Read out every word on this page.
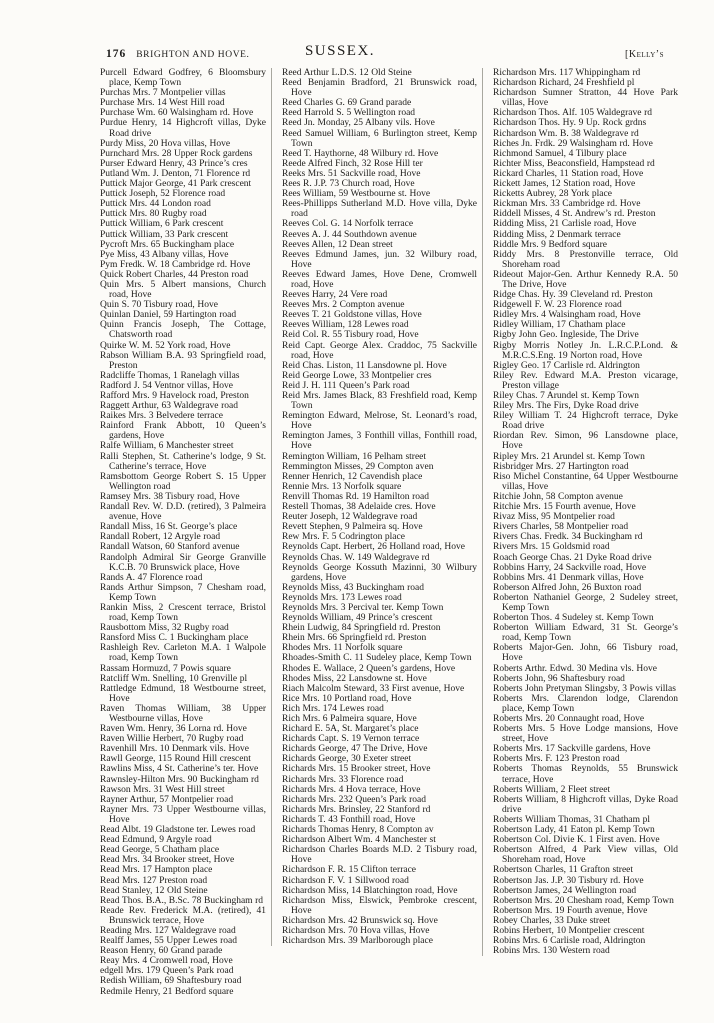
176 BRIGHTON AND HOVE.	SUSSEX.	[Kelly’s

Purcell Edward Godfrey, 6 Bloomsbury place, Kemp Town

Purchas Mrs. 7 Montpelier villas

Purchase Mrs. 14 West Hill road

Purchase Wm. 60 Walsingham rd. Hove

Purdue Henry, 14 Highcroft villas, Dyke Road drive

Purdy Miss, 20 Hova villas, Hove

Purnchard Mrs. 28 Upper Rock gardens

Purser Edward Henry, 43 Prince’s cres

Putland Wm. J. Denton, 71 Florence rd

Puttick Major George, 41 Park crescent

Puttick Joseph, 52 Florence road

Puttick Mrs. 44 London road

Puttick Mrs. 80 Rugby road

Puttick William, 6 Park crescent

Puttick William, 33 Park crescent

Pycroft Mrs. 65 Buckingham place

Pye Miss, 43 Albany villas, Hove

Pym Fredk. W. 18 Cambridge rd. Hove

Quick Robert Charles, 44 Preston road

Quin Mrs. 5 Albert mansions, Church road, Hove

Quin S. 70 Tisbury road, Hove

Quinlan Daniel, 59 Hartington road

Quinn Francis Joseph, The Cottage, Chatsworth road

Quirke W. M. 52 York road, Hove

Rabson William B.A. 93 Springfield road, Preston

Radcliffe Thomas, 1 Ranelagh villas

Radford J. 54 Ventnor villas, Hove

Rafford Mrs. 9 Havelock road, Preston

Raggett Arthur, 63 Waldegrave road

Raikes Mrs. 3 Belvedere terrace

Rainford Frank Abbott, 10 Queen’s gardens, Hove

Ralfe William, 6 Manchester street

Ralli Stephen, St. Catherine’s lodge, 9 St. Catherine’s terrace, Hove

Ramsbottom George Robert S. 15 Upper Wellington road

Ramsey Mrs. 38 Tisbury road, Hove

Randall Rev. W. D.D. (retired), 3 Palmeira avenue, Hove

Randall Miss, 16 St. George’s place

Randall Robert, 12 Argyle road

Randall Watson, 60 Stanford avenue

Randolph Admiral Sir George Granville K.C.B. 70 Brunswick place, Hove

Rands A. 47 Florence road

Rands Arthur Simpson, 7 Chesham road, Kemp Town

Rankin Miss, 2 Crescent terrace, Bristol road, Kemp Town

Rausbottom Miss, 32 Rugby road

Ransford Miss C. 1 Buckingham place

Rashleigh Rev. Carleton M.A. 1 Walpole road, Kemp Town

Rassam Hormuzd, 7 Powis square

Ratcliff Wm. Snelling, 10 Grenville pl

Rattledge Edmund, 18 Westbourne street, Hove

Raven Thomas William, 38 Upper Westbourne villas, Hove

Raven Wm. Henry, 36 Lorna rd. Hove

Raven Willie Herbert, 70 Rugby road

Ravenhill Mrs. 10 Denmark vils. Hove

Rawll George, 115 Round Hill crescent

Rawlins Miss, 4 St. Catherine’s ter. Hove

Rawnsley-Hilton Mrs. 90 Buckingham rd

Rawson Mrs. 31 West Hill street

Rayner Arthur, 57 Montpelier road

Rayner Mrs. 73 Upper Westbourne villas, Hove

Read Albt. 19 Gladstone ter. Lewes road

Read Edmund, 9 Argyle road

Read George, 5 Chatham place

Read Mrs. 34 Brooker street, Hove

Read Mrs. 17 Hampton place

Read Mrs. 127 Preston road

Read Stanley, 12 Old Steine

Read Thos. B.A., B.Sc. 78 Buckingham rd

Reade Rev. Frederick M.A. (retired), 41 Brunswick terrace, Hove

Reading Mrs. 127 Waldegrave road

Realff James, 55 Upper Lewes road

Reason Henry, 60 Grand parade

Reay Mrs. 4 Cromwell road, Hove

edgell Mrs. 179 Queen’s Park road

Redish William, 69 Shaftesbury road

Redmile Henry, 21 Bedford square

Reed Arthur L.D.S. 12 Old Steine

Reed Benjamin Bradford, 21 Brunswick road, Hove

Reed Charles G. 69 Grand parade

Reed Harrold S. 5 Wellington road

Reed Jn. Monday, 25 Albany vils. Hove

Reed Samuel William, 6 Burlington street, Kemp Town

Reed T. Haythorne, 48 Wilbury rd. Hove

Reede Alfred Finch, 32 Rose Hill ter

Reeks Mrs. 51 Sackville road, Hove

Rees R. J.P. 73 Church road, Hove

Rees William, 59 Westbourne st. Hove

Rees-Phillipps Sutherland M.D. Hove villa, Dyke road

Reeves Col. G. 14 Norfolk terrace

Reeves A. J. 44 Southdown avenue

Reeves Allen, 12 Dean street

Reeves Edmund James, jun. 32 Wilbury road, Hove

Reeves Edward James, Hove Dene, Cromwell road, Hove

Reeves Harry, 24 Vere road

Reeves Mrs. 2 Compton avenue

Reeves T. 21 Goldstone villas, Hove

Reeves William, 128 Lewes road

Reid Col. R. 55 Tisbury road, Hove

Reid Capt. George Alex. Craddoc, 75 Sackville road, Hove

Reid Chas. Liston, 11 Lansdowne pl. Hove

Reid George Lowe, 33 Montpelier cres

Reid J. H. 111 Queen’s Park road

Reid Mrs. James Black, 83 Freshfield road, Kemp Town

Remington Edward, Melrose, St. Leonard’s road, Hove

Remington James, 3 Fonthill villas, Fonthill road, Hove

Remington William, 16 Pelham street

Remmington Misses, 29 Compton aven

Renner Henrich, 12 Cavendish place

Rennie Mrs. 13 Norfolk square

Renvill Thomas Rd. 19 Hamilton road

Restell Thomas, 38 Adelaide cres. Hove

Reuter Joseph, 12 Waldegrave road

Revett Stephen, 9 Palmeira sq. Hove

Rew Mrs. F. 5 Codrington place

Reynolds Capt. Herbert, 26 Holland road, Hove

Reynolds Chas. W. 149 Waldegrave rd

Reynolds George Kossuth Mazinni, 30 Wilbury gardens, Hove

Reynolds Miss, 43 Buckingham road

Reynolds Mrs. 173 Lewes road

Reynolds Mrs. 3 Percival ter. Kemp Town

Reynolds William, 49 Prince’s crescent

Rhein Ludwig, 84 Springfield rd. Preston

Rhein Mrs. 66 Springfield rd. Preston

Rhodes Mrs. 11 Norfolk square

Rhoades-Smith C. 11 Sudeley place, Kemp Town

Rhodes E. Wallace, 2 Queen’s gardens, Hove

Rhodes Miss, 22 Lansdowne st. Hove

Riach Malcolm Steward, 33 First avenue, Hove

Rice Mrs. 10 Portland road, Hove

Rich Mrs. 174 Lewes road

Rich Mrs. 6 Palmeira square, Hove

Richard E. 5A, St. Margaret’s place

Richards Capt. S. 19 Vernon terrace

Richards George, 47 The Drive, Hove

Richards George, 30 Exeter street

Richards Mrs. 15 Brooker street, Hove

Richards Mrs. 33 Florence road

Richards Mrs. 4 Hova terrace, Hove

Richards Mrs. 232 Queen’s Park road

Richards Mrs. Brinsley, 22 Stanford rd

Richards T. 43 Fonthill road, Hove

Richards Thomas Henry, 8 Compton av

Richardson Albert Wm. 4 Manchester st

Richardson Charles Boards M.D. 2 Tisbury road, Hove

Richardson F. R. 15 Clifton terrace

Richardson F. V. 1 Sillwood road

Richardson Miss, 14 Blatchington road, Hove

Richardson Miss, Elswick, Pembroke crescent, Hove

Richardson Mrs. 42 Brunswick sq. Hove

Richardson Mrs. 70 Hova villas, Hove

Richardson Mrs. 39 Marlborough place

Richardson Mrs. 117 Whippingham rd

Richardson Richard, 24 Freshfield pl

Richardson Sumner Stratton, 44 Hove Park villas, Hove

Richardson Thos. Alf. 105 Waldegrave rd

Richardson Thos. Hy. 9 Up. Rock grdns

Richardson Wm. B. 38 Waldegrave rd

Riches Jn. Frdk. 29 Walsingham rd. Hove

Richmond Samuel, 4 Tilbury place

Richter Miss, Beaconsfield, Hampstead rd

Rickard Charles, 11 Station road, Hove

Rickett James, 12 Station road, Hove

Ricketts Aubrey, 28 York place

Rickman Mrs. 33 Cambridge rd. Hove

Riddell Misses, 4 St. Andrew’s rd. Preston

Ridding Miss, 21 Carlisle road, Hove

Ridding Miss, 2 Denmark terrace

Riddle Mrs. 9 Bedford square

Riddy Mrs. 8 Prestonville terrace, Old Shoreham road

Rideout Major-Gen. Arthur Kennedy R.A. 50 The Drive, Hove

Ridge Chas. Hy. 39 Cleveland rd. Preston

Ridgewell F. W. 23 Florence road

Ridley Mrs. 4 Walsingham road, Hove

Ridley William, 17 Chatham place

Rigby John Geo. Ingleside, The Drive

Rigby Morris Notley Jn. L.R.C.P.Lond. & M.R.C.S.Eng. 19 Norton road, Hove

Rigley Geo. 17 Carlisle rd. Aldrington

Riley Rev. Edward M.A. Preston vicarage, Preston village

Riley Chas. 7 Arundel st. Kemp Town

Riley Mrs. The Firs, Dyke Road drive

Riley William T. 24 Highcroft terrace, Dyke Road drive

Riordan Rev. Simon, 96 Lansdowne place, Hove

Ripley Mrs. 21 Arundel st. Kemp Town

Risbridger Mrs. 27 Hartington road

Riso Michel Constantine, 64 Upper Westbourne villas, Hove

Ritchie John, 58 Compton avenue

Ritchie Mrs. 15 Fourth avenue, Hove

Rivaz Miss, 95 Montpelier road

Rivers Charles, 58 Montpelier road

Rivers Chas. Fredk. 34 Buckingham rd

Rivers Mrs. 15 Goldsmid road

Roach George Chas. 21 Dyke Road drive

Robbins Harry, 24 Sackville road, Hove

Robbins Mrs. 41 Denmark villas, Hove

Roberson Alfred John, 26 Buxton road

Roberton Nathaniel George, 2 Sudeley street, Kemp Town

Roberton Thos. 4 Sudeley st. Kemp Town

Roberton William Edward, 31 St. George’s road, Kemp Town

Roberts Major-Gen. John, 66 Tisbury road, Hove

Roberts Arthr. Edwd. 30 Medina vls. Hove

Roberts John, 96 Shaftesbury road

Roberts John Pretyman Slingsby, 3 Powis villas

Roberts Mrs. Clarendon lodge, Clarendon place, Kemp Town

Roberts Mrs. 20 Connaught road, Hove

Roberts Mrs. 5 Hove Lodge mansions, Hove street, Hove

Roberts Mrs. 17 Sackville gardens, Hove

Roberts Mrs. F. 123 Preston road

Roberts Thomas Reynolds, 55 Brunswick terrace, Hove

Roberts William, 2 Fleet street

Roberts William, 8 Highcroft villas, Dyke Road drive

Roberts William Thomas, 31 Chatham pl

Robertson Lady, 41 Eaton pl. Kemp Town

Robertson Col. Divie K. 1 First aven. Hove

Robertson Alfred, 4 Park View villas, Old Shoreham road, Hove

Robertson Charles, 11 Grafton street

Robertson Jas. J.P. 30 Tisbury rd. Hove

Robertson James, 24 Wellington road

Robertson Mrs. 20 Chesham road, Kemp Town

Robertson Mrs. 19 Fourth avenue, Hove

Robey Charles, 33 Duke street

Robins Herbert, 10 Montpelier crescent

Robins Mrs. 6 Carlisle road, Aldrington

Robins Mrs. 130 Western road
